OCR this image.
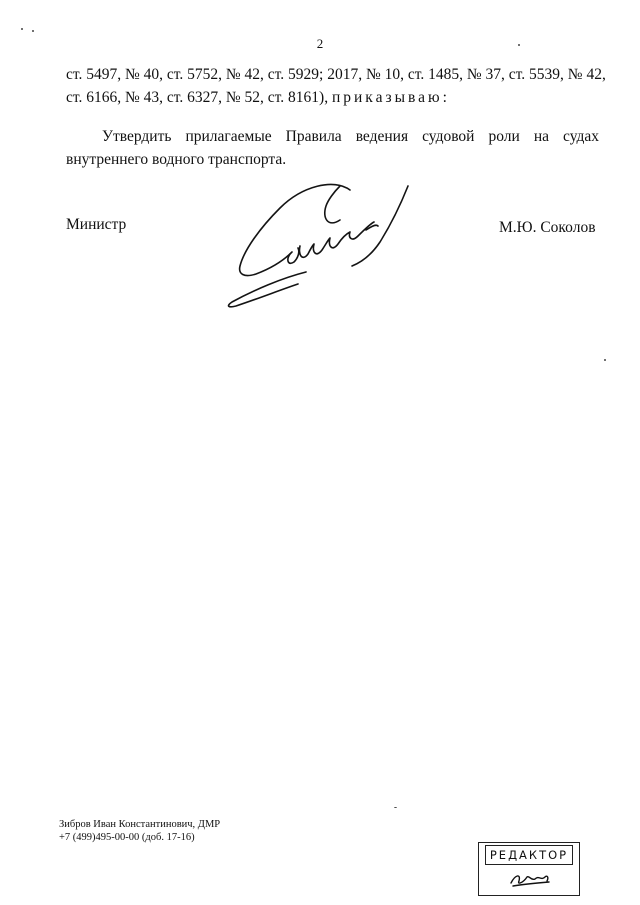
2
ст. 5497, № 40, ст. 5752, № 42, ст. 5929; 2017, № 10, ст. 1485, № 37, ст. 5539, № 42,
ст. 6166, № 43, ст. 6327, № 52, ст. 8161), приказываю:
Утвердить прилагаемые Правила ведения судовой роли на судах
внутреннего водного транспорта.
Министр	М.Ю. Соколов
Зибров Иван Константинович, ДМР
+7 (499)495-00-00 (доб. 17-16)
РЕДАКТОР
